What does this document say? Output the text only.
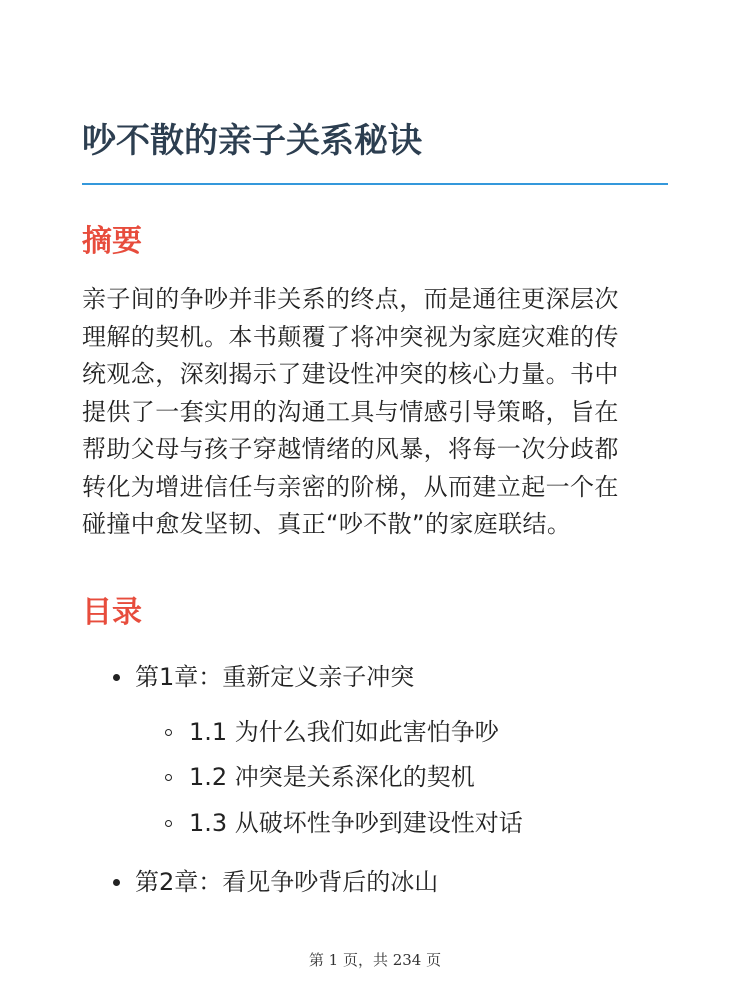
吵不散的亲子关系秘诀
摘要

亲子间的争吵并非关系的终点，而是通往更深层次
理解的契机。本书颠覆了将冲突视为家庭灾难的传
统观念，深刻揭示了建设性冲突的核心力量。书中
提供了一套实用的沟通工具与情感引导策略，旨在
帮助父母与孩子穿越情绪的风暴，将每一次分歧都
转化为增进信任与亲密的阶梯，从而建立起一个在
碰撞中愈发坚韧、真正“吵不散”的家庭联结。

目录
第1章：重新定义亲子冲突
1.1 为什么我们如此害怕争吵
1.2 冲突是关系深化的契机
1.3 从破坏性争吵到建设性对话
第2章：看见争吵背后的冰山
第 1 页，共 234 页
